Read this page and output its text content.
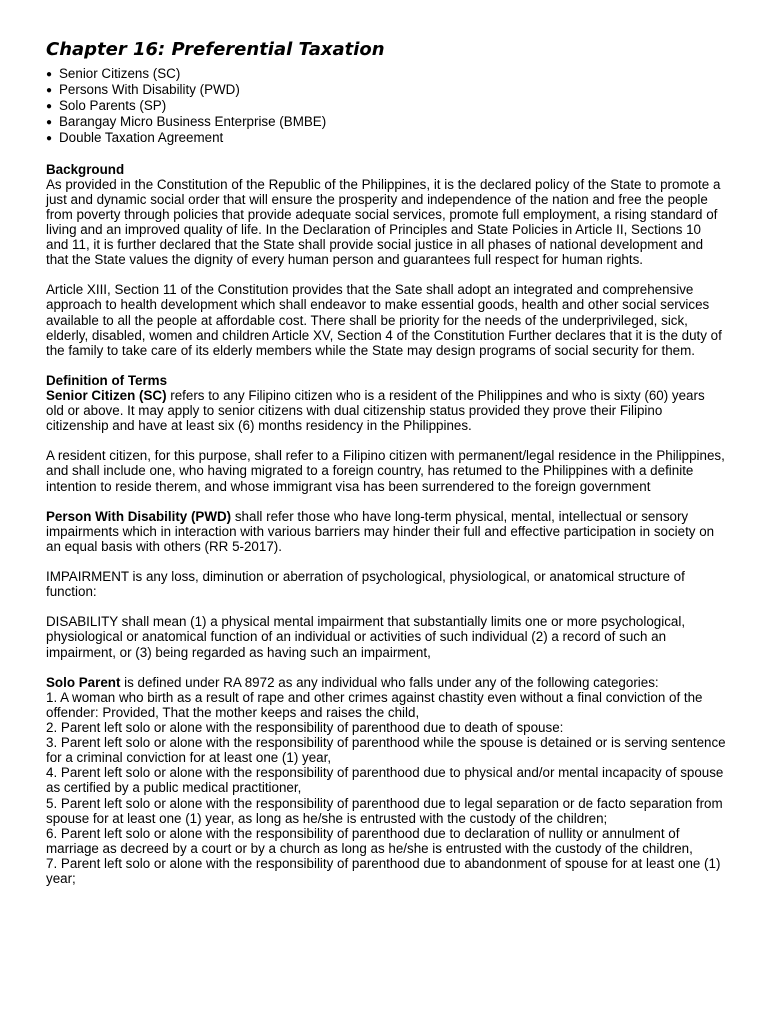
Chapter 16: Preferential Taxation
● Senior Citizens (SC)
● Persons With Disability (PWD)
● Solo Parents (SP)
● Barangay Micro Business Enterprise (BMBE)
● Double Taxation Agreement

Background

As provided in the Constitution of the Republic of the Philippines, it is the declared policy of the State to promote a just and dynamic social order that will ensure the prosperity and independence of the nation and free the people from poverty through policies that provide adequate social services, promote full employment, a rising standard of living and an improved quality of life. In the Declaration of Principles and State Policies in Article II, Sections 10 and 11, it is further declared that the State shall provide social justice in all phases of national development and that the State values the dignity of every human person and guarantees full respect for human rights.

Article XIII, Section 11 of the Constitution provides that the Sate shall adopt an integrated and comprehensive approach to health development which shall endeavor to make essential goods, health and other social services available to all the people at affordable cost. There shall be priority for the needs of the underprivileged, sick, elderly, disabled, women and children Article XV, Section 4 of the Constitution Further declares that it is the duty of the family to take care of its elderly members while the State may design programs of social security for them.

Definition of Terms

Senior Citizen (SC) refers to any Filipino citizen who is a resident of the Philippines and who is sixty (60) years old or above. It may apply to senior citizens with dual citizenship status provided they prove their Filipino citizenship and have at least six (6) months residency in the Philippines.

A resident citizen, for this purpose, shall refer to a Filipino citizen with permanent/legal residence in the Philippines, and shall include one, who having migrated to a foreign country, has retumed to the Philippines with a definite intention to reside therem, and whose immigrant visa has been surrendered to the foreign government

Person With Disability (PWD) shall refer those who have long-term physical, mental, intellectual or sensory impairments which in interaction with various barriers may hinder their full and effective participation in society on an equal basis with others (RR 5-2017).

IMPAIRMENT is any loss, diminution or aberration of psychological, physiological, or anatomical structure of function:

DISABILITY shall mean (1) a physical mental impairment that substantially limits one or more psychological, physiological or anatomical function of an individual or activities of such individual (2) a record of such an impairment, or (3) being regarded as having such an impairment,

Solo Parent is defined under RA 8972 as any individual who falls under any of the following categories:

1. A woman who birth as a result of rape and other crimes against chastity even without a final conviction of the offender: Provided, That the mother keeps and raises the child,

2. Parent left solo or alone with the responsibility of parenthood due to death of spouse:

3. Parent left solo or alone with the responsibility of parenthood while the spouse is detained or is serving sentence for a criminal conviction for at least one (1) year,

4. Parent left solo or alone with the responsibility of parenthood due to physical and/or mental incapacity of spouse as certified by a public medical practitioner,

5. Parent left solo or alone with the responsibility of parenthood due to legal separation or de facto separation from spouse for at least one (1) year, as long as he/she is entrusted with the custody of the children;

6. Parent left solo or alone with the responsibility of parenthood due to declaration of nullity or annulment of marriage as decreed by a court or by a church as long as he/she is entrusted with the custody of the children,

7. Parent left solo or alone with the responsibility of parenthood due to abandonment of spouse for at least one (1) year;
